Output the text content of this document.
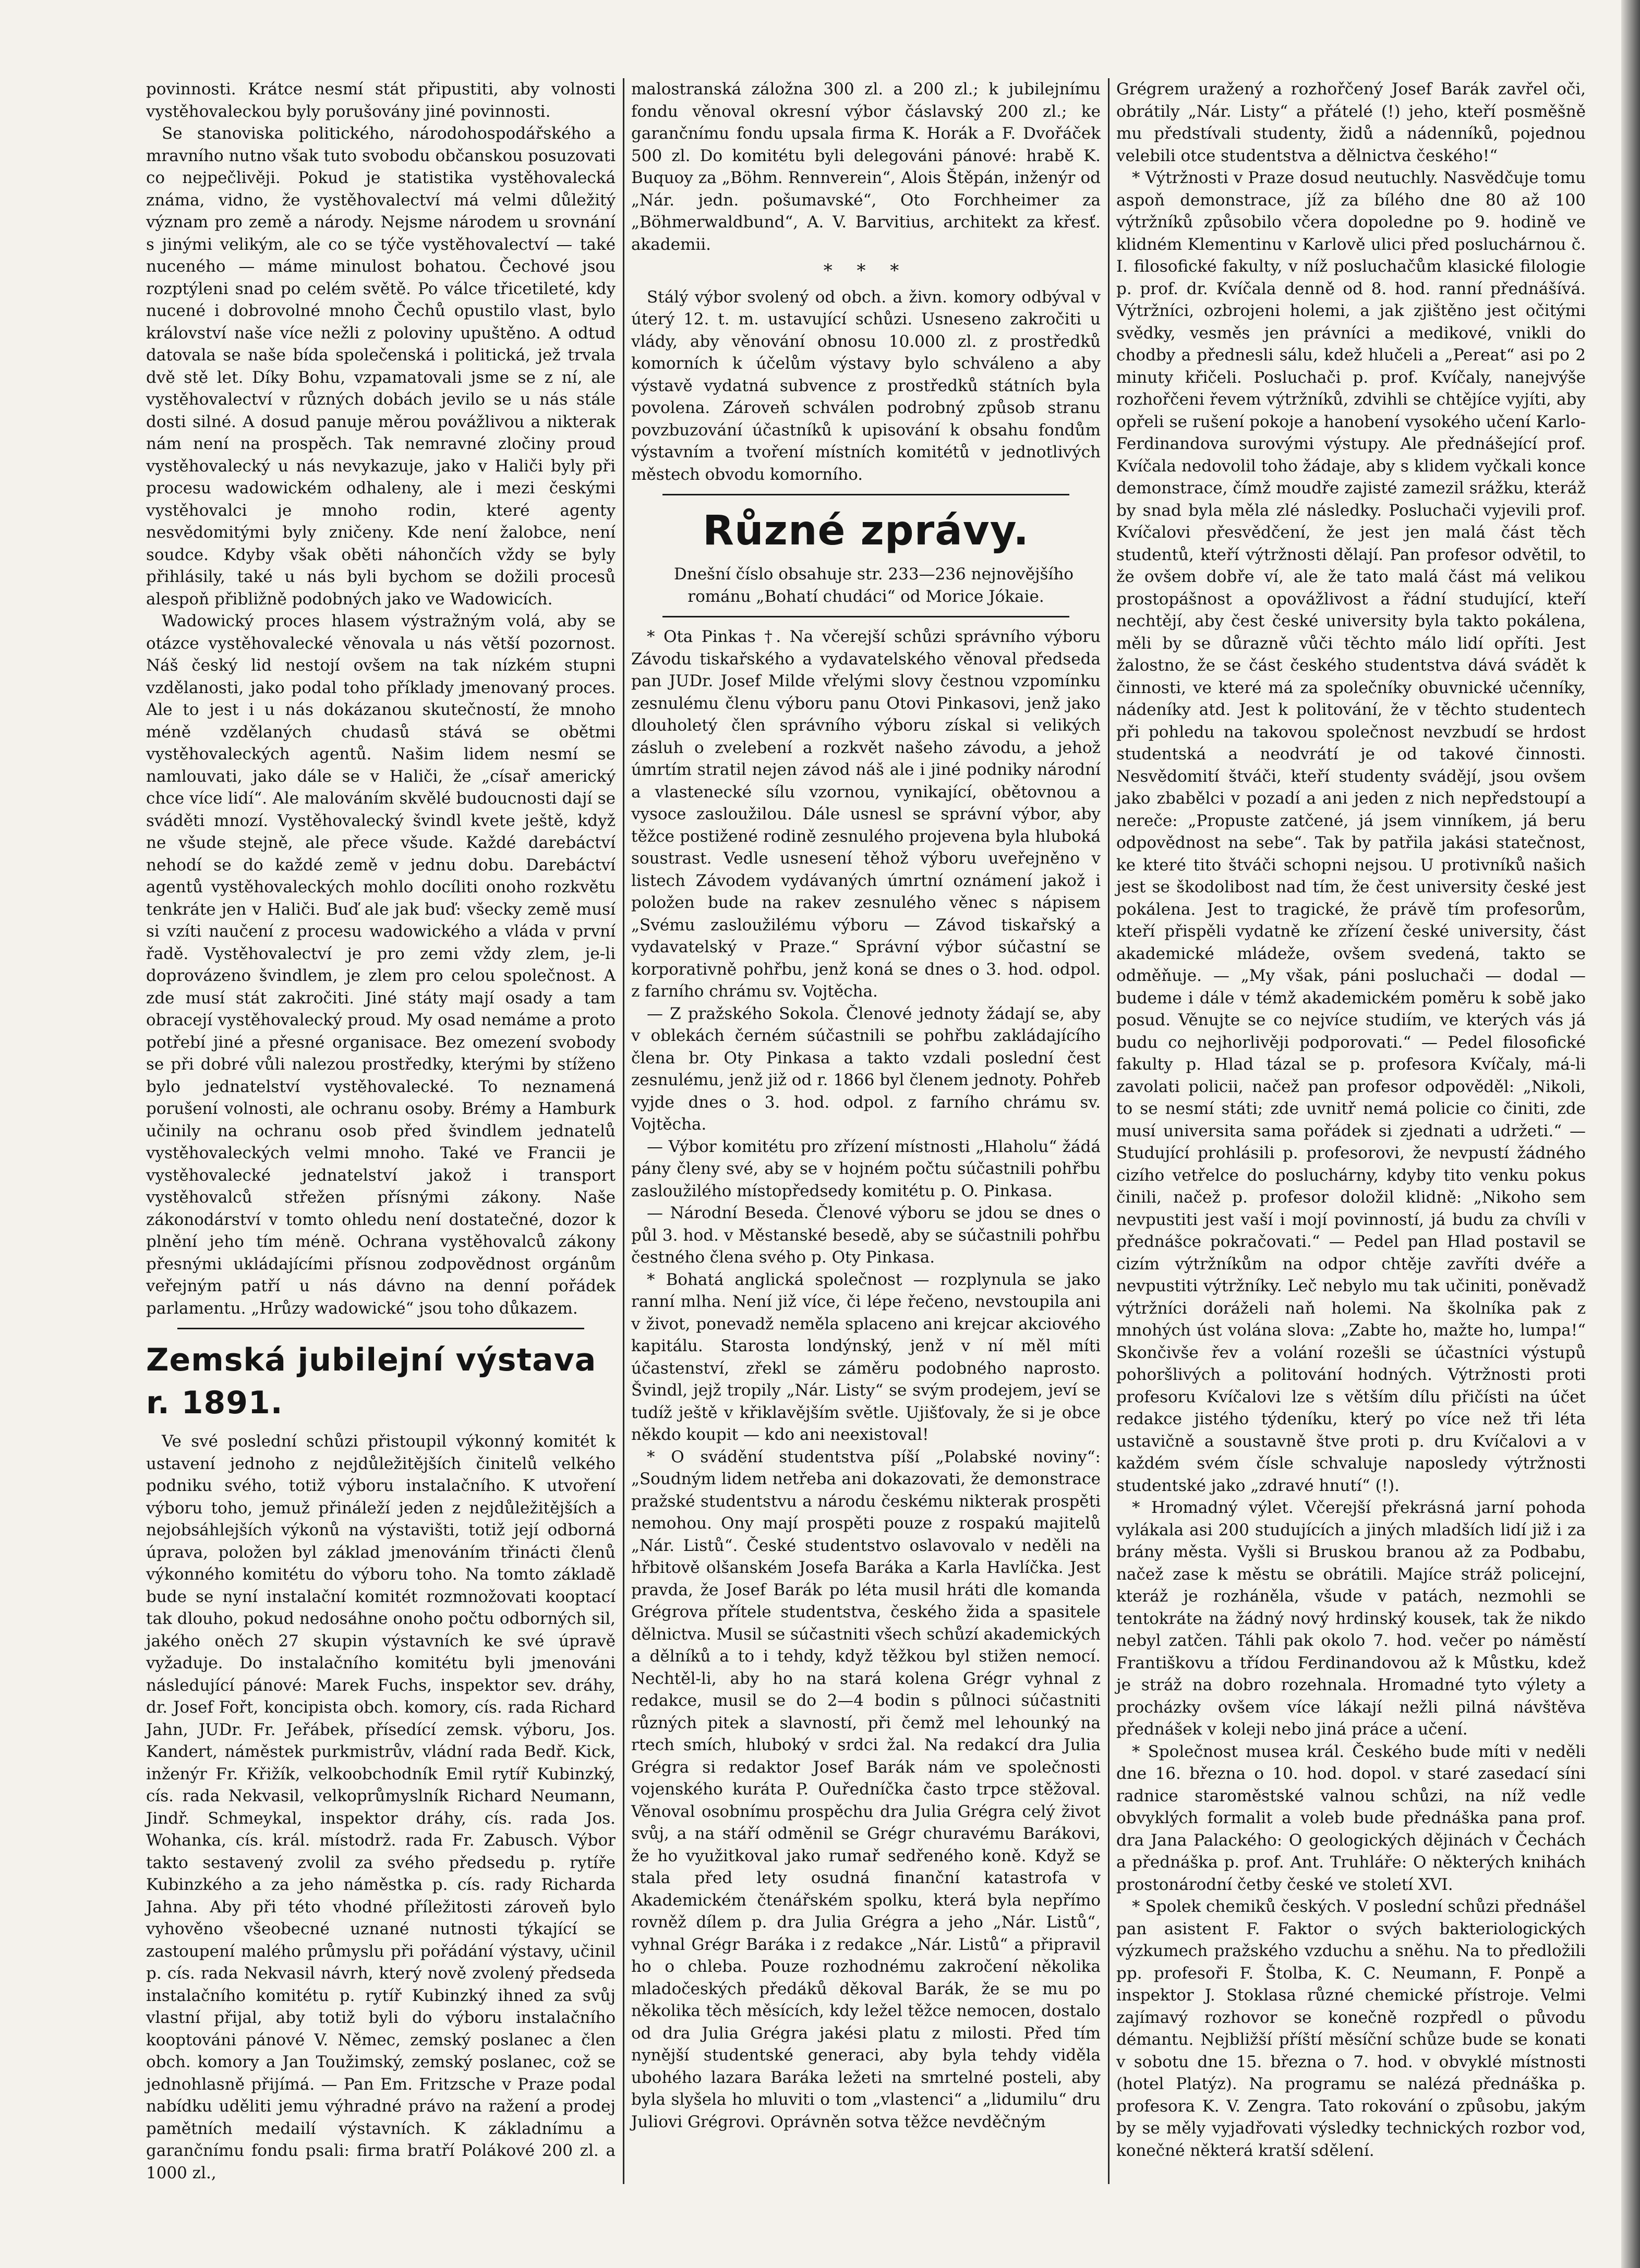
povinnosti. Krátce nesmí stát připustiti, aby volnosti vystěhovaleckou byly porušovány jiné povinnosti.

Se stanoviska politického, národohospodářského a mravního nutno však tuto svobodu občanskou posuzovati co nejpečlivěji. Pokud je statistika vystěhovalecká známa, vidno, že vystěhovalectví má velmi důležitý význam pro země a národy. Nejsme národem u srovnání s jinými velikým, ale co se týče vystěhovalectví — také nuceného — máme minulost bohatou. Čechové jsou rozptýleni snad po celém světě. Po válce třicetileté, kdy nucené i dobrovolné mnoho Čechů opustilo vlast, bylo království naše více nežli z poloviny upuštěno. A odtud datovala se naše bída společenská i politická, jež trvala dvě stě let. Díky Bohu, vzpamatovali jsme se z ní, ale vystěhovalectví v různých dobách jevilo se u nás stále dosti silné. A dosud panuje měrou povážlivou a nikterak nám není na prospěch. Tak nemravné zločiny proud vystěhovalecký u nás nevykazuje, jako v Haliči byly při procesu wadowickém odhaleny, ale i mezi českými vystěhovalci je mnoho rodin, které agenty nesvědomitými byly zničeny. Kde není žalobce, není soudce. Kdyby však oběti náhončích vždy se byly přihlásily, také u nás byli bychom se dožili procesů alespoň přibližně podobných jako ve Wadowicích.

Wadowický proces hlasem výstražným volá, aby se otázce vystěhovalecké věnovala u nás větší pozornost. Náš český lid nestojí ovšem na tak nízkém stupni vzdělanosti, jako podal toho příklady jmenovaný proces. Ale to jest i u nás dokázanou skutečností, že mnoho méně vzdělaných chudasů stává se obětmi vystěhovaleckých agentů. Našim lidem nesmí se namlouvati, jako dále se v Haliči, že „císař americký chce více lidí“. Ale malováním skvělé budoucnosti dají se sváděti mnozí. Vystěhovalecký švindl kvete ještě, když ne všude stejně, ale přece všude. Každé darebáctví nehodí se do každé země v jednu dobu. Darebáctví agentů vystěhovaleckých mohlo docíliti onoho rozkvětu tenkráte jen v Haliči. Buď ale jak buď: všecky země musí si vzíti naučení z procesu wadowického a vláda v první řadě. Vystěhovalectví je pro zemi vždy zlem, je-li doprovázeno švindlem, je zlem pro celou společnost. A zde musí stát zakročiti. Jiné státy mají osady a tam obracejí vystěhovalecký proud. My osad nemáme a proto potřebí jiné a přesné organisace. Bez omezení svobody se při dobré vůli nalezou prostředky, kterými by stíženo bylo jednatelství vystěhovalecké. To neznamená porušení volnosti, ale ochranu osoby. Brémy a Hamburk učinily na ochranu osob před švindlem jednatelů vystěhovaleckých velmi mnoho. Také ve Francii je vystěhovalecké jednatelství jakož i transport vystěhovalců střežen přísnými zákony. Naše zákonodárství v tomto ohledu není dostatečné, dozor k plnění jeho tím méně. Ochrana vystěhovalců zákony přesnými ukládajícími přísnou zodpovědnost orgánům veřejným patří u nás dávno na denní pořádek parlamentu. „Hrůzy wadowické“ jsou toho důkazem.

Zemská jubilejní výstava r. 1891.

Ve své poslední schůzi přistoupil výkonný komitét k ustavení jednoho z nejdůležitějších činitelů velkého podniku svého, totiž výboru instalačního. K utvoření výboru toho, jemuž přináleží jeden z nejdůležitějších a nejobsáhlejších výkonů na výstavišti, totiž její odborná úprava, položen byl základ jmenováním třinácti členů výkonného komitétu do výboru toho. Na tomto základě bude se nyní instalační komitét rozmnožovati kooptací tak dlouho, pokud nedosáhne onoho počtu odborných sil, jakého oněch 27 skupin výstavních ke své úpravě vyžaduje. Do instalačního komitétu byli jmenováni následující pánové: Marek Fuchs, inspektor sev. dráhy, dr. Josef Fořt, koncipista obch. komory, cís. rada Richard Jahn, JUDr. Fr. Jeřábek, přísedící zemsk. výboru, Jos. Kandert, náměstek purkmistrův, vládní rada Bedř. Kick, inženýr Fr. Křižík, velkoobchodník Emil rytíř Kubinzký, cís. rada Nekvasil, velkoprůmyslník Richard Neumann, Jindř. Schmeykal, inspektor dráhy, cís. rada Jos. Wohanka, cís. král. místodrž. rada Fr. Zabusch. Výbor takto sestavený zvolil za svého předsedu p. rytíře Kubinzkého a za jeho náměstka p. cís. rady Richarda Jahna. Aby při této vhodné příležitosti zároveň bylo vyhověno všeobecné uznané nutnosti týkající se zastoupení malého průmyslu při pořádání výstavy, učinil p. cís. rada Nekvasil návrh, který nově zvolený předseda instalačního komitétu p. rytíř Kubinzký ihned za svůj vlastní přijal, aby totiž byli do výboru instalačního kooptováni pánové V. Němec, zemský poslanec a člen obch. komory a Jan Toužimský, zemský poslanec, což se jednohlasně přijímá. — Pan Em. Fritzsche v Praze podal nabídku uděliti jemu výhradné právo na ražení a prodej pamětních medailí výstavních. K základnímu a garančnímu fondu psali: firma bratří Polákové 200 zl. a 1000 zl.,

malostranská záložna 300 zl. a 200 zl.; k jubilejnímu fondu věnoval okresní výbor čáslavský 200 zl.; ke garančnímu fondu upsala firma K. Horák a F. Dvořáček 500 zl. Do komitétu byli delegováni pánové: hrabě K. Buquoy za „Böhm. Rennverein“, Alois Štěpán, inženýr od „Nár. jedn. pošumavské“, Oto Forchheimer za „Böhmerwaldbund“, A. V. Barvitius, architekt za křesť. akademii.

* * *

Stálý výbor svolený od obch. a živn. komory odbýval v úterý 12. t. m. ustavující schůzi. Usneseno zakročiti u vlády, aby věnování obnosu 10.000 zl. z prostředků komorních k účelům výstavy bylo schváleno a aby výstavě vydatná subvence z prostředků státních byla povolena. Zároveň schválen podrobný způsob stranu povzbuzování účastníků k upisování k obsahu fondům výstavním a tvoření místních komitétů v jednotlivých městech obvodu komorního.

Různé zprávy.

Dnešní číslo obsahuje str. 233—236 nejnovějšího románu „Bohatí chudáci“ od Morice Jókaie.

* Ota Pinkas †. Na včerejší schůzi správního výboru Závodu tiskařského a vydavatelského věnoval předseda pan JUDr. Josef Milde vřelými slovy čestnou vzpomínku zesnulému členu výboru panu Otovi Pinkasovi, jenž jako dlouholetý člen správního výboru získal si velikých zásluh o zvelebení a rozkvět našeho závodu, a jehož úmrtím stratil nejen závod náš ale i jiné podniky národní a vlastenecké sílu vzornou, vynikající, obětovnou a vysoce zasloužilou. Dále usnesl se správní výbor, aby těžce postižené rodině zesnulého projevena byla hluboká soustrast. Vedle usnesení těhož výboru uveřejněno v listech Závodem vydávaných úmrtní oznámení jakož i položen bude na rakev zesnulého věnec s nápisem „Svému zasloužilému výboru — Závod tiskařský a vydavatelský v Praze.“ Správní výbor súčastní se korporativně pohřbu, jenž koná se dnes o 3. hod. odpol. z farního chrámu sv. Vojtěcha.

— Z pražského Sokola. Členové jednoty žádají se, aby v oblekách černém súčastnili se pohřbu zakládajícího člena br. Oty Pinkasa a takto vzdali poslední čest zesnulému, jenž již od r. 1866 byl členem jednoty. Pohřeb vyjde dnes o 3. hod. odpol. z farního chrámu sv. Vojtěcha.

— Výbor komitétu pro zřízení místnosti „Hlaholu“ žádá pány členy své, aby se v hojném počtu súčastnili pohřbu zasloužilého místopředsedy komitétu p. O. Pinkasa.

— Národní Beseda. Členové výboru se jdou se dnes o půl 3. hod. v Městanské besedě, aby se súčastnili pohřbu čestného člena svého p. Oty Pinkasa.

* Bohatá anglická společnost — rozplynula se jako ranní mlha. Není již více, či lépe řečeno, nevstoupila ani v život, ponevadž neměla splaceno ani krejcar akciového kapitálu. Starosta londýnský, jenž v ní měl míti účastenství, zřekl se záměru podobného naprosto. Švindl, jejž tropily „Nár. Listy“ se svým prodejem, jeví se tudíž ještě v křiklavějším světle. Ujišťovaly, že si je obce někdo koupit — kdo ani neexistoval!

* O svádění studentstva píší „Polabské noviny“: „Soudným lidem netřeba ani dokazovati, že demonstrace pražské studentstvu a národu českému nikterak prospěti nemohou. Ony mají prospěti pouze z rospakú majitelů „Nár. Listů“. České studentstvo oslavovalo v neděli na hřbitově olšanském Josefa Baráka a Karla Havlíčka. Jest pravda, že Josef Barák po léta musil hráti dle komanda Grégrova přítele studentstva, českého žida a spasitele dělnictva. Musil se súčastniti všech schůzí akademických a dělníků a to i tehdy, když těžkou byl stižen nemocí. Nechtěl-li, aby ho na stará kolena Grégr vyhnal z redakce, musil se do 2—4 bodin s půlnoci súčastniti různých pitek a slavností, při čemž mel lehounký na rtech smích, hluboký v srdci žal. Na redakcí dra Julia Grégra si redaktor Josef Barák nám ve společnosti vojenského kuráta P. Ouředníčka často trpce stěžoval. Věnoval osobnímu prospěchu dra Julia Grégra celý život svůj, a na stáří odměnil se Grégr churavému Barákovi, že ho využitkoval jako rumař sedřeného koně. Když se stala před lety osudná finanční katastrofa v Akademickém čtenářském spolku, která byla nepřímo rovněž dílem p. dra Julia Grégra a jeho „Nár. Listů“, vyhnal Grégr Baráka i z redakce „Nár. Listů“ a připravil ho o chleba. Pouze rozhodnému zakročení několika mladočeských předáků děkoval Barák, že se mu po několika těch měsících, kdy ležel těžce nemocen, dostalo od dra Julia Grégra jakési platu z milosti. Před tím nynější studentské generaci, aby byla tehdy viděla ubohého lazara Baráka ležeti na smrtelné posteli, aby byla slyšela ho mluviti o tom „vlastenci“ a „lidumilu“ dru Juliovi Grégrovi. Oprávněn sotva těžce nevděčným

Grégrem uražený a rozhořčený Josef Barák zavřel oči, obrátily „Nár. Listy“ a přátelé (!) jeho, kteří posměšně mu předstívali studenty, židů a nádenníků, pojednou velebili otce studentstva a dělnictva českého!“

* Výtržnosti v Praze dosud neutuchly. Nasvědčuje tomu aspoň demonstrace, jíž za bílého dne 80 až 100 výtržníků způsobilo včera dopoledne po 9. hodině ve klidném Klementinu v Karlově ulici před posluchárnou č. I. filosofické fakulty, v níž posluchačům klasické filologie p. prof. dr. Kvíčala denně od 8. hod. ranní přednášívá. Výtržníci, ozbrojeni holemi, a jak zjištěno jest očitými svědky, vesměs jen právníci a medikové, vnikli do chodby a přednesli sálu, kdež hlučeli a „Pereat“ asi po 2 minuty křičeli. Posluchači p. prof. Kvíčaly, nanejvýše rozhořčeni řevem výtržníků, zdvihli se chtějíce vyjíti, aby opřeli se rušení pokoje a hanobení vysokého učení Karlo-Ferdinandova surovými výstupy. Ale přednášející prof. Kvíčala nedovolil toho žádaje, aby s klidem vyčkali konce demonstrace, čímž moudře zajisté zamezil srážku, kteráž by snad byla měla zlé následky. Posluchači vyjevili prof. Kvíčalovi přesvědčení, že jest jen malá část těch studentů, kteří výtržnosti dělají. Pan profesor odvětil, to že ovšem dobře ví, ale že tato malá část má velikou prostopášnost a opovážlivost a řádní studující, kteří nechtějí, aby čest české university byla takto pokálena, měli by se důrazně vůči těchto málo lidí opříti. Jest žalostno, že se část českého studentstva dává svádět k činnosti, ve které má za společníky obuvnické učenníky, nádeníky atd. Jest k politování, že v těchto studentech při pohledu na takovou společnost nevzbudí se hrdost studentská a neodvrátí je od takové činnosti. Nesvědomití štváči, kteří studenty svádějí, jsou ovšem jako zbabělci v pozadí a ani jeden z nich nepředstoupí a nereče: „Propuste zatčené, já jsem vinníkem, já beru odpovědnost na sebe“. Tak by patřila jakási statečnost, ke které tito štváči schopni nejsou. U protivníků našich jest se škodolibost nad tím, že čest university české jest pokálena. Jest to tragické, že právě tím profesorům, kteří přispěli vydatně ke zřízení české university, část akademické mládeže, ovšem svedená, takto se odměňuje. — „My však, páni posluchači — dodal — budeme i dále v témž akademickém poměru k sobě jako posud. Věnujte se co nejvíce studiím, ve kterých vás já budu co nejhorlivěji podporovati.“ — Pedel filosofické fakulty p. Hlad tázal se p. profesora Kvíčaly, má-li zavolati policii, načež pan profesor odpověděl: „Nikoli, to se nesmí státi; zde uvnitř nemá policie co činiti, zde musí universita sama pořádek si zjednati a udržeti.“ — Studující prohlásili p. profesorovi, že nevpustí žádného cizího vetřelce do posluchárny, kdyby tito venku pokus činili, načež p. profesor doložil klidně: „Nikoho sem nevpustiti jest vaší i mojí povinností, já budu za chvíli v přednášce pokračovati.“ — Pedel pan Hlad postavil se cizím výtržníkům na odpor chtěje zavříti dvéře a nevpustiti výtržníky. Leč nebylo mu tak učiniti, poněvadž výtržníci doráželi naň holemi. Na školníka pak z mnohých úst volána slova: „Zabte ho, mažte ho, lumpa!“ Skončivše řev a volání rozešli se účastníci výstupů pohoršlivých a politování hodných. Výtržnosti proti profesoru Kvíčalovi lze s větším dílu přičísti na účet redakce jistého týdeníku, který po více než tři léta ustavičně a soustavně štve proti p. dru Kvíčalovi a v každém svém čísle schvaluje naposledy výtržnosti studentské jako „zdravé hnutí“ (!).

* Hromadný výlet. Včerejší překrásná jarní pohoda vylákala asi 200 studujících a jiných mladších lidí již i za brány města. Vyšli si Bruskou branou až za Podbabu, načež zase k městu se obrátili. Majíce stráž policejní, kteráž je rozháněla, všude v patách, nezmohli se tentokráte na žádný nový hrdinský kousek, tak že nikdo nebyl zatčen. Táhli pak okolo 7. hod. večer po náměstí Františkovu a třídou Ferdinandovou až k Můstku, kdež je stráž na dobro rozehnala. Hromadné tyto výlety a procházky ovšem více lákají nežli pilná návštěva přednášek v koleji nebo jiná práce a učení.

* Společnost musea král. Českého bude míti v neděli dne 16. března o 10. hod. dopol. v staré zasedací síni radnice staroměstské valnou schůzi, na níž vedle obvyklých formalit a voleb bude přednáška pana prof. dra Jana Palackého: O geologických dějinách v Čechách a přednáška p. prof. Ant. Truhláře: O některých knihách prostonárodní četby české ve století XVI.

* Spolek chemiků českých. V poslední schůzi přednášel pan asistent F. Faktor o svých bakteriologických výzkumech pražského vzduchu a sněhu. Na to předložili pp. profesoři F. Štolba, K. C. Neumann, F. Ponpě a inspektor J. Stoklasa různé chemické přístroje. Velmi zajímavý rozhovor se konečně rozpředl o původu démantu. Nejbližší příští měsíční schůze bude se konati v sobotu dne 15. března o 7. hod. v obvyklé místnosti (hotel Platýz). Na programu se nalézá přednáška p. profesora K. V. Zengra. Tato rokování o způsobu, jakým by se měly vyjadřovati výsledky technických rozbor vod, konečné některá kratší sdělení.
